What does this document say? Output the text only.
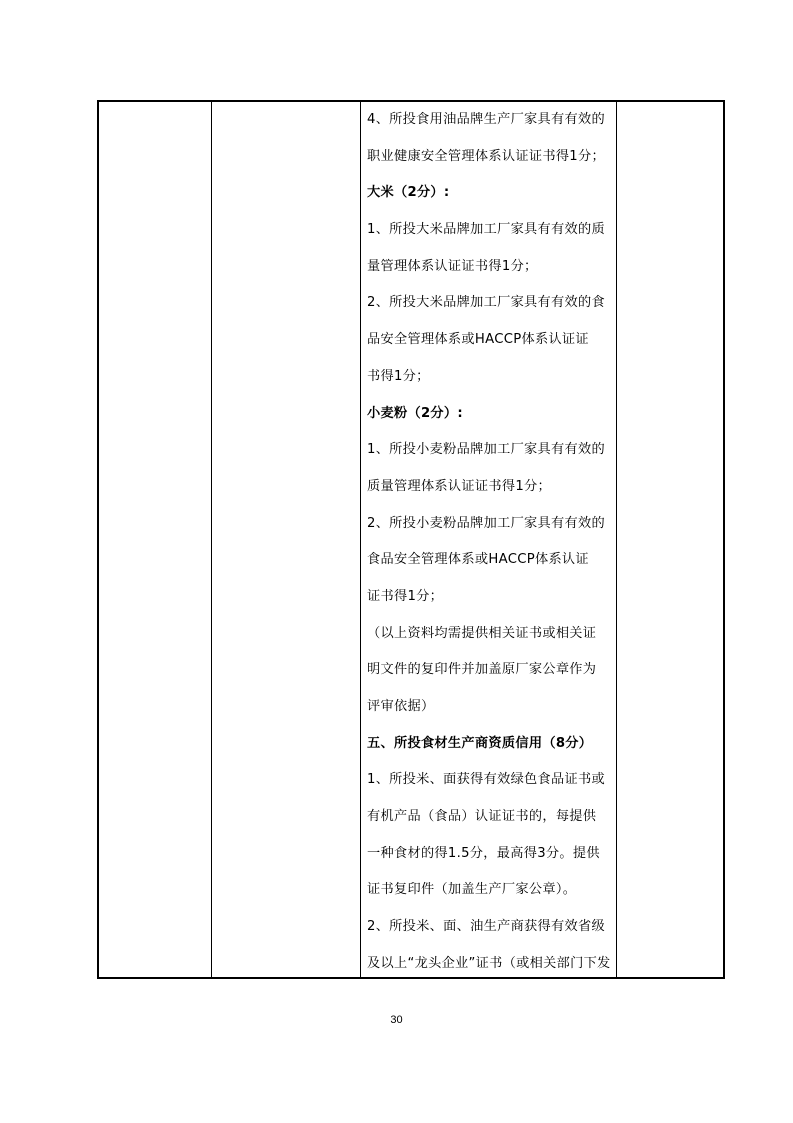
4、所投食用油品牌生产厂家具有有效的
职业健康安全管理体系认证证书得1分；
大米（2分）:
1、所投大米品牌加工厂家具有有效的质
量管理体系认证证书得1分；
2、所投大米品牌加工厂家具有有效的食
品安全管理体系或HACCP体系认证证
书得1分；
小麦粉（2分）:
1、所投小麦粉品牌加工厂家具有有效的
质量管理体系认证证书得1分；
2、所投小麦粉品牌加工厂家具有有效的
食品安全管理体系或HACCP体系认证
证书得1分；
（以上资料均需提供相关证书或相关证
明文件的复印件并加盖原厂家公章作为
评审依据）
五、所投食材生产商资质信用（8分）
1、所投米、面获得有效绿色食品证书或
有机产品（食品）认证证书的，每提供
一种食材的得1.5分，最高得3分。提供
证书复印件（加盖生产厂家公章）。
2、所投米、面、油生产商获得有效省级
及以上“龙头企业”证书（或相关部门下发
30
